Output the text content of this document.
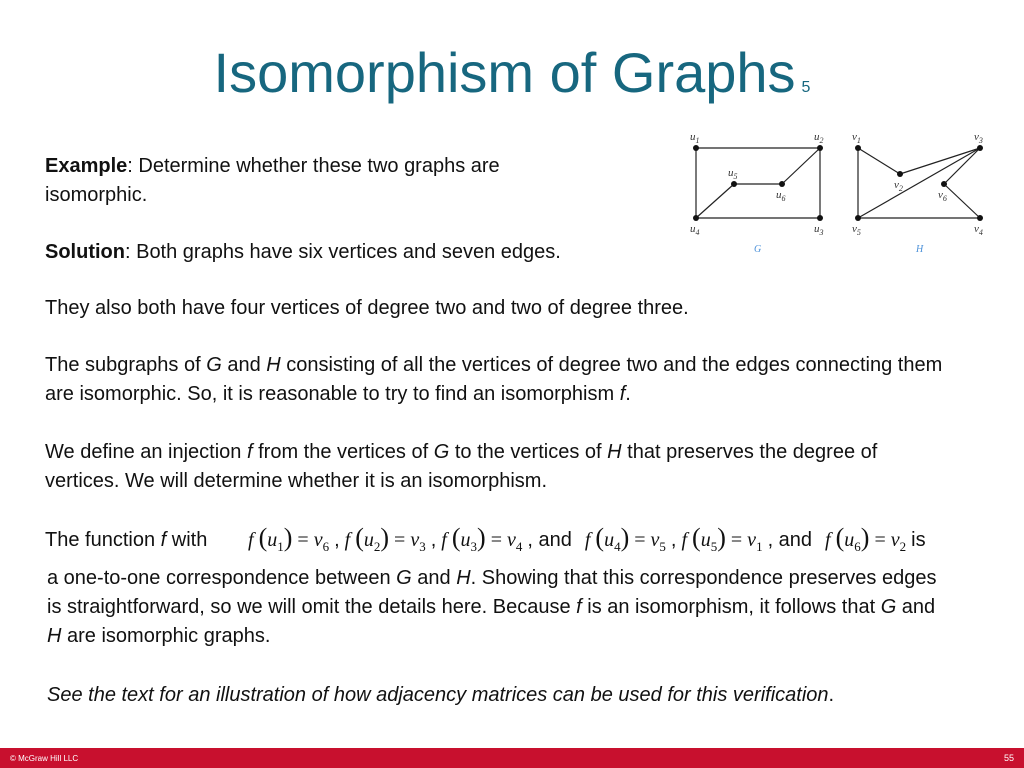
Isomorphism of Graphs 5
$u_1$	$u_2$
$u_3$
$u_4$
$u_5$
$u_6$
G
$v_1$
$v_2$
$v_3$
$v_4$
$v_5$
$v_6$
H

Example: Determine whether these two graphs are isomorphic.

Solution: Both graphs have six vertices and seven edges.

They also both have four vertices of degree two and two of degree three.

The subgraphs of G and H consisting of all the vertices of degree two and the edges connecting them are isomorphic. So, it is reasonable to try to find an isomorphism f.

We define an injection f from the vertices of G to the vertices of H that preserves the degree of vertices. We will determine whether it is an isomorphism.

The function f with f $(u_1) = v_6$ , f $(u_2) = v_3$ , f $(u_3) = v_4$ , and f $(u_4) = v_5$ , f $(u_5) = v_1$ , and f $(u_6) = v_2$ is

a one-to-one correspondence between G and H. Showing that this correspondence preserves edges is straightforward, so we will omit the details here. Because f is an isomorphism, it follows that G and H are isomorphic graphs.

See the text for an illustration of how adjacency matrices can be used for this verification.

© McGraw Hill LLC	55
